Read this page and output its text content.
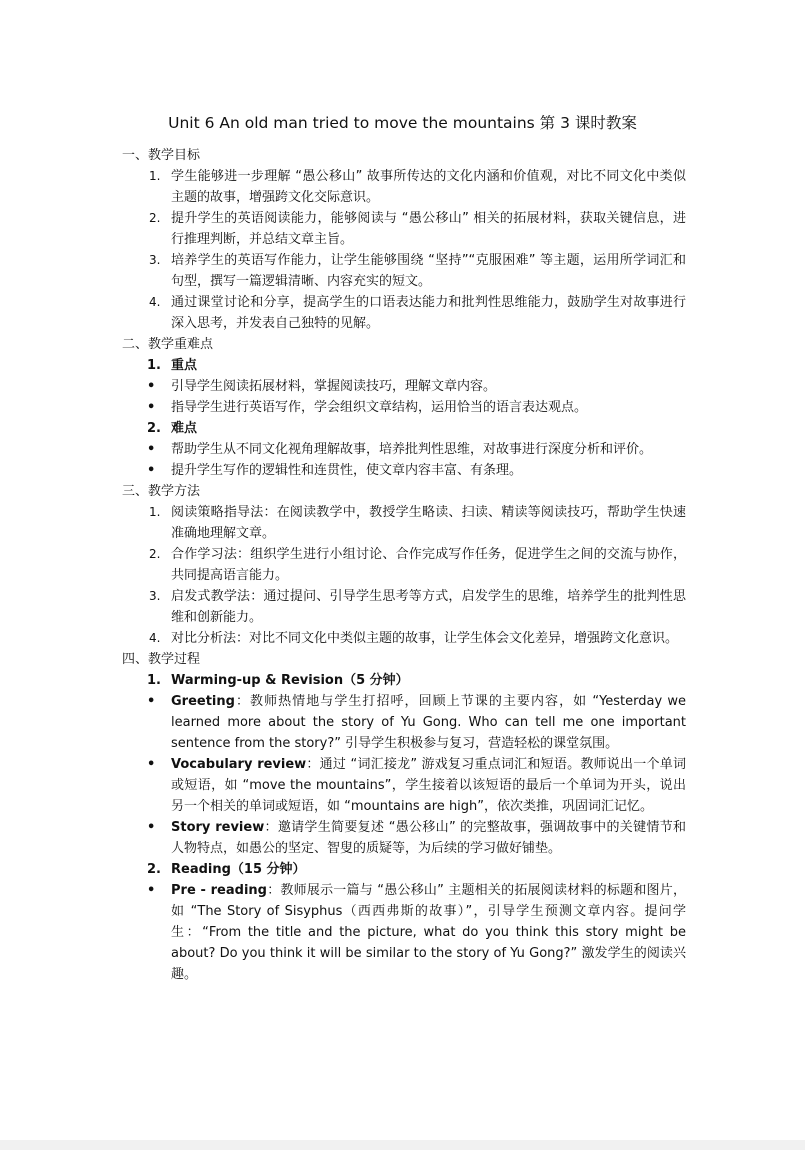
Unit 6 An old man tried to move the mountains 第 3 课时教案

一、教学目标

1. 学生能够进一步理解 “愚公移山” 故事所传达的文化内涵和价值观，对比不同文化中类似主题的故事，增强跨文化交际意识。
2. 提升学生的英语阅读能力，能够阅读与 “愚公移山” 相关的拓展材料，获取关键信息，进行推理判断，并总结文章主旨。
3. 培养学生的英语写作能力，让学生能够围绕 “坚持”“克服困难” 等主题，运用所学词汇和句型，撰写一篇逻辑清晰、内容充实的短文。
4. 通过课堂讨论和分享，提高学生的口语表达能力和批判性思维能力，鼓励学生对故事进行深入思考，并发表自己独特的见解。

二、教学重难点

1. 重点
• 引导学生阅读拓展材料，掌握阅读技巧，理解文章内容。
• 指导学生进行英语写作，学会组织文章结构，运用恰当的语言表达观点。
2. 难点
• 帮助学生从不同文化视角理解故事，培养批判性思维，对故事进行深度分析和评价。
• 提升学生写作的逻辑性和连贯性，使文章内容丰富、有条理。

三、教学方法

1. 阅读策略指导法：在阅读教学中，教授学生略读、扫读、精读等阅读技巧，帮助学生快速准确地理解文章。
2. 合作学习法：组织学生进行小组讨论、合作完成写作任务，促进学生之间的交流与协作，共同提高语言能力。
3. 启发式教学法：通过提问、引导学生思考等方式，启发学生的思维，培养学生的批判性思维和创新能力。
4. 对比分析法：对比不同文化中类似主题的故事，让学生体会文化差异，增强跨文化意识。

四、教学过程

1. Warming-up & Revision（5 分钟）
• Greeting：教师热情地与学生打招呼，回顾上节课的主要内容，如 “Yesterday we learned more about the story of Yu Gong. Who can tell me one important sentence from the story?” 引导学生积极参与复习，营造轻松的课堂氛围。
• Vocabulary review：通过 “词汇接龙” 游戏复习重点词汇和短语。教师说出一个单词或短语，如 “move the mountains”，学生接着以该短语的最后一个单词为开头，说出另一个相关的单词或短语，如 “mountains are high”，依次类推，巩固词汇记忆。
• Story review：邀请学生简要复述 “愚公移山” 的完整故事，强调故事中的关键情节和人物特点，如愚公的坚定、智叟的质疑等，为后续的学习做好铺垫。
2. Reading（15 分钟）
• Pre - reading：教师展示一篇与 “愚公移山” 主题相关的拓展阅读材料的标题和图片，如 “The Story of Sisyphus（西西弗斯的故事）”，引导学生预测文章内容。提问学生：“From the title and the picture, what do you think this story might be about? Do you think it will be similar to the story of Yu Gong?” 激发学生的阅读兴趣。
